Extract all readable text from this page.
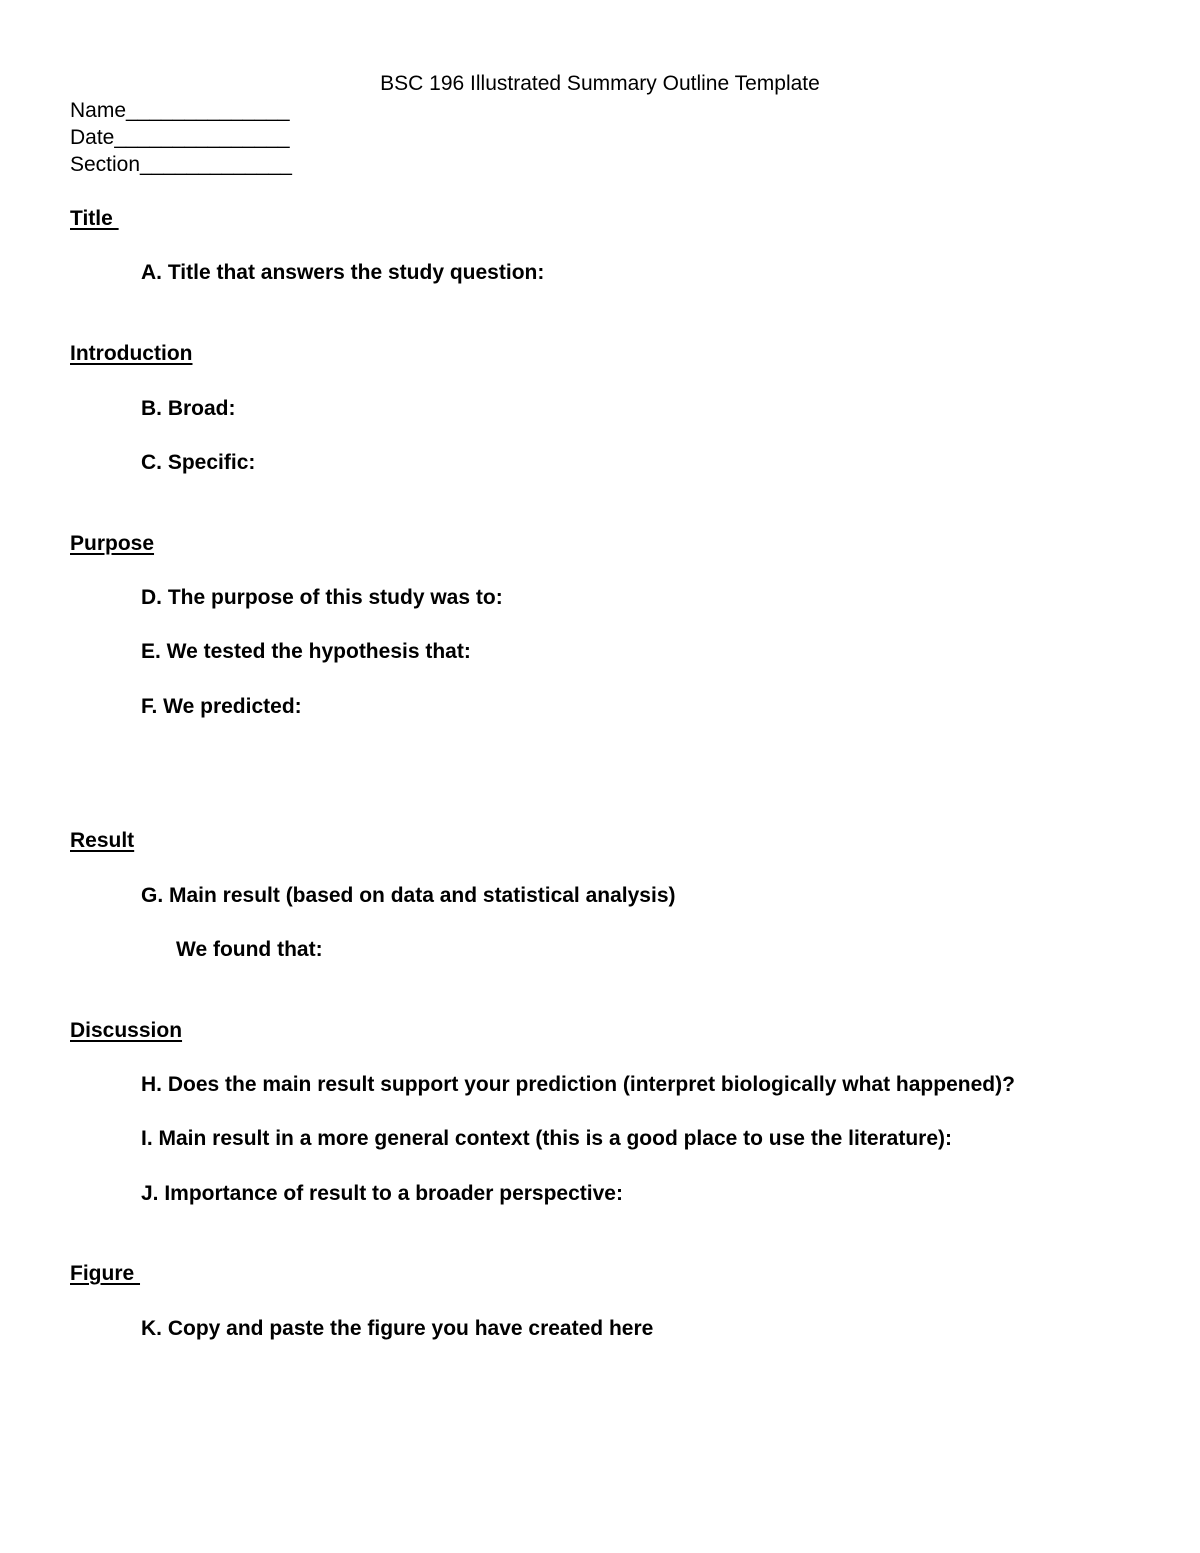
BSC 196 Illustrated Summary Outline Template
Name______________
Date_______________
Section_____________
Title
A. Title that answers the study question:
Introduction
B. Broad:
C. Specific:
Purpose
D. The purpose of this study was to:
E. We tested the hypothesis that:
F. We predicted:
Result
G. Main result (based on data and statistical analysis)
We found that:
Discussion
H. Does the main result support your prediction (interpret biologically what happened)?
I. Main result in a more general context (this is a good place to use the literature):
J. Importance of result to a broader perspective:
Figure
K. Copy and paste the figure you have created here
